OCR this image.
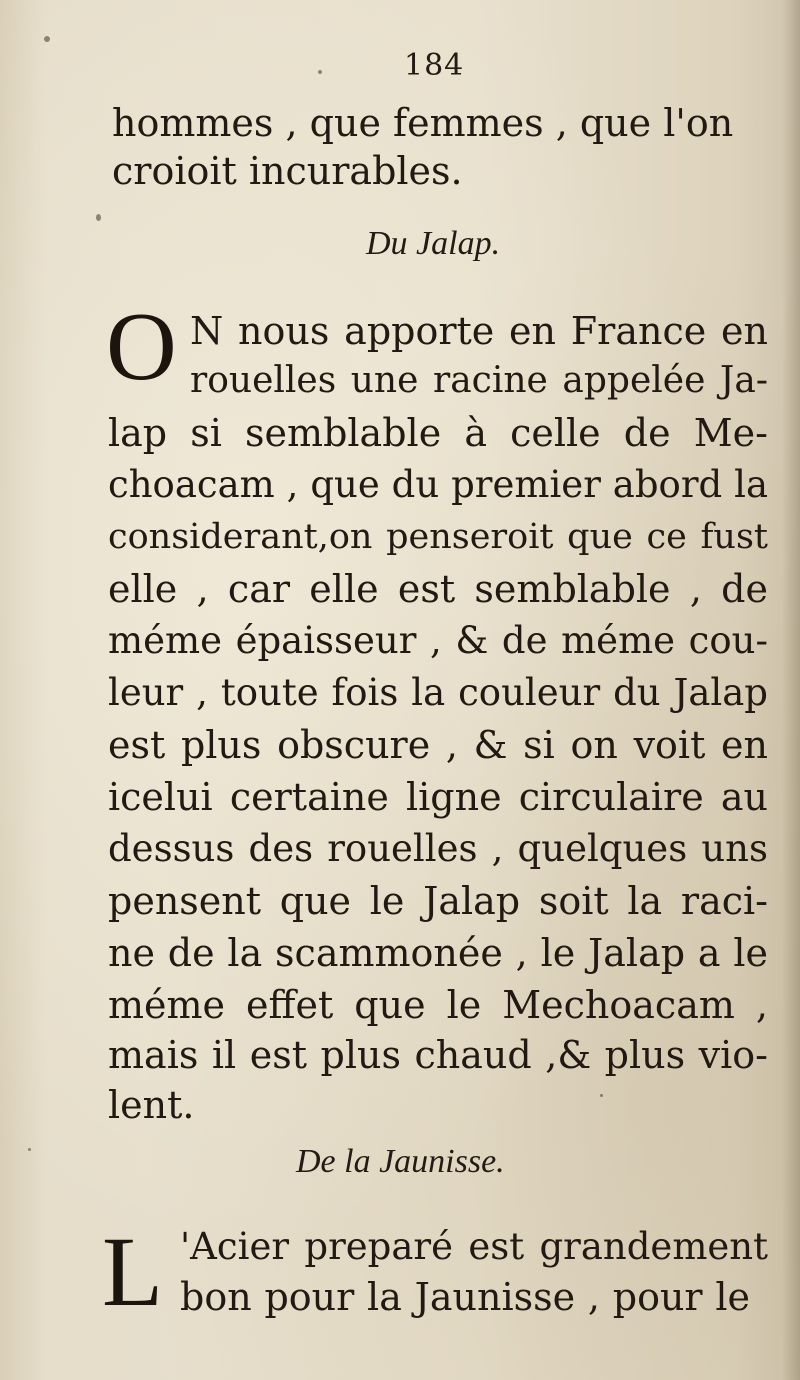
184
hommes , que femmes , que l'on
croioit incurables.
Du Jalap.
O N nous apporte en France en
rouelles une racine appelée Ja-
lap si semblable à celle de Me-
choacam , que du premier abord la
considerant,on penseroit que ce fust
elle , car elle est semblable , de
méme épaisseur , & de méme cou-
leur , toute fois la couleur du Jalap
est plus obscure , & si on voit en
icelui certaine ligne circulaire au
dessus des rouelles , quelques uns
pensent que le Jalap soit la raci-
ne de la scammonée , le Jalap a le
méme effet que le Mechoacam ,
mais il est plus chaud ,& plus vio-
lent.
De la Jaunisse.
L 'Acier preparé est grandement
bon pour la Jaunisse , pour le
